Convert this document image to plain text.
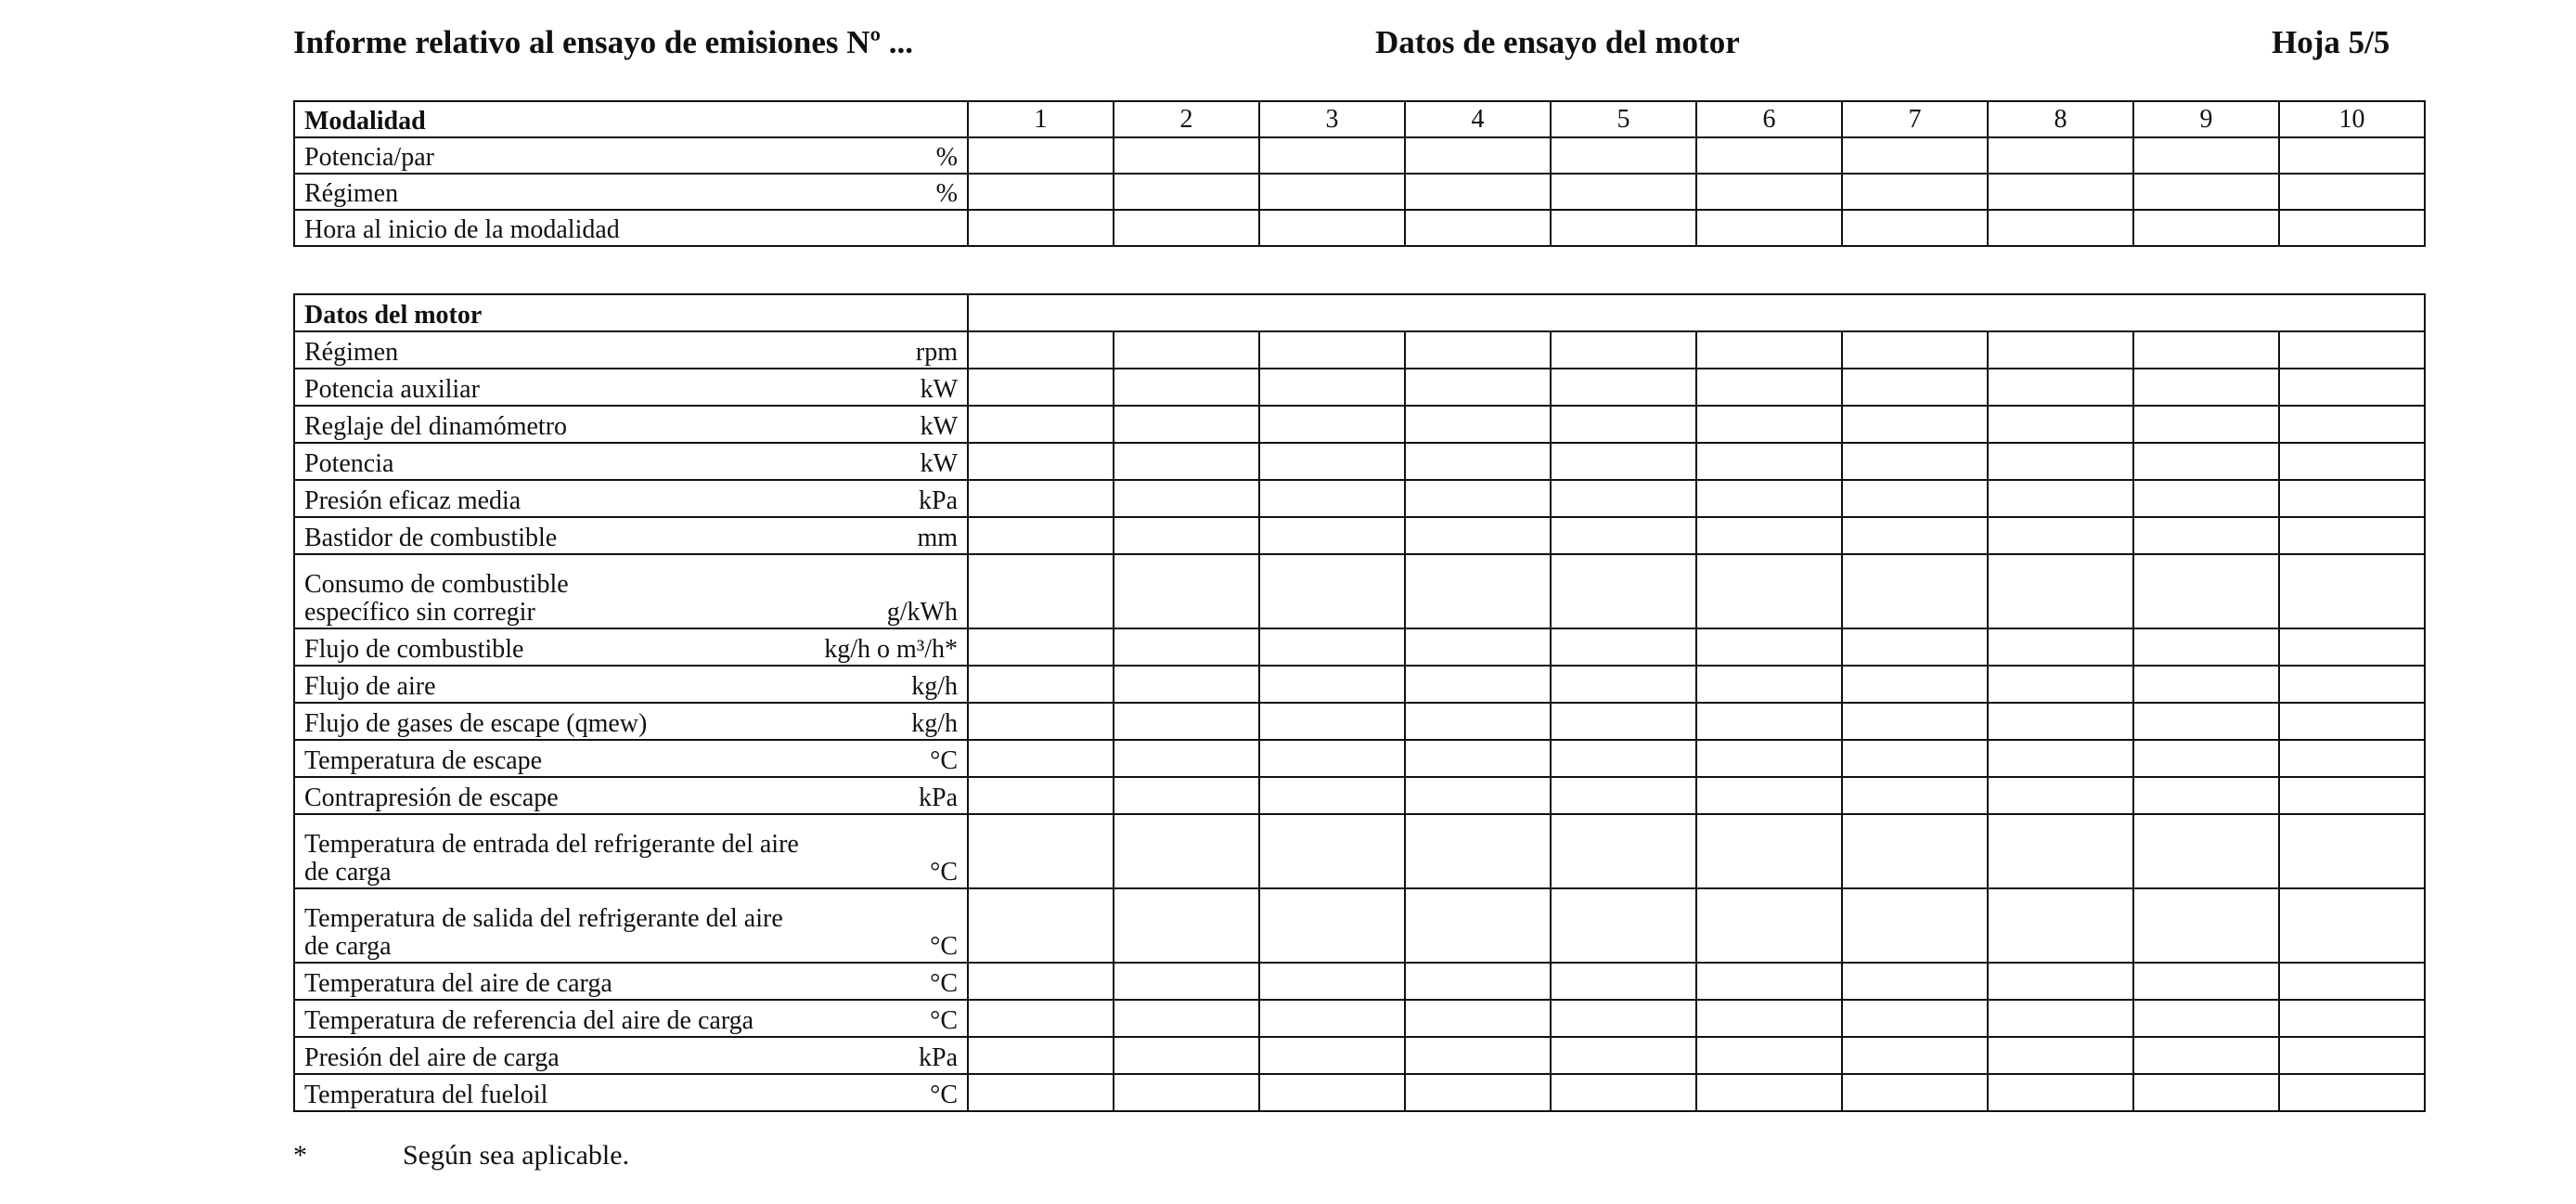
Informe relativo al ensayo de emisiones Nº ...	Datos de ensayo del motor	Hoja 5/5
Modalidad	1	2	3	4	5	6	7	8	9	10

Potencia/par %										

Régimen %										

Hora al inicio de la modalidad										

Datos del motor										

Régimen rpm										

Potencia auxiliar kW										

Reglaje del dinamómetro kW										

Potencia kW										

Presión eficaz media kPa										

Bastidor de combustible mm										

Consumo de combustible
específico sin corregir g/kWh										

Flujo de combustible kg/h o m³/h*										

Flujo de aire kg/h										

Flujo de gases de escape (qmew) kg/h										

Temperatura de escape °C										

Contrapresión de escape kPa										

Temperatura de entrada del refrigerante del aire
de carga °C										

Temperatura de salida del refrigerante del aire
de carga °C										

Temperatura del aire de carga °C										

Temperatura de referencia del aire de carga °C										

Presión del aire de carga kPa										

Temperatura del fueloil °C										

*	Según sea aplicable.
